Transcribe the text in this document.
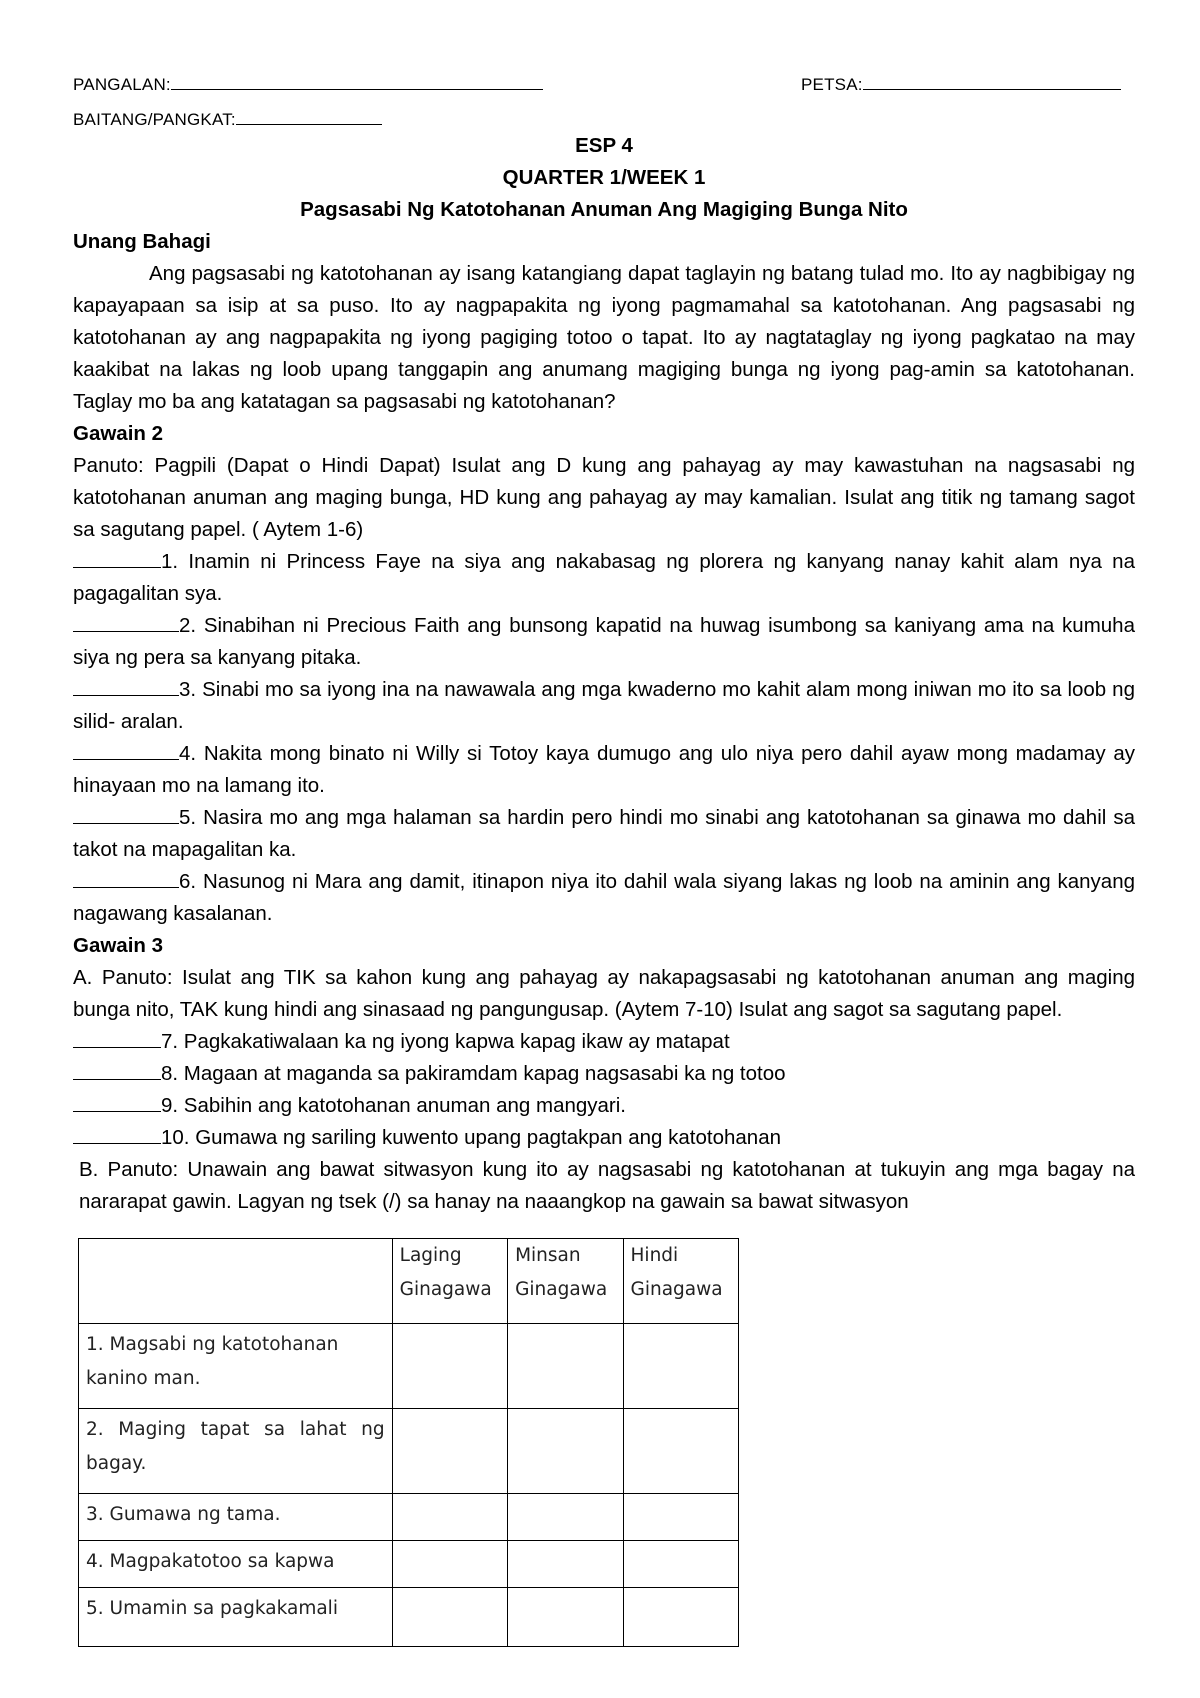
PANGALAN:	PETSA:
BAITANG/PANGKAT:
ESP 4
QUARTER 1/WEEK 1
Pagsasabi Ng Katotohanan Anuman Ang Magiging Bunga Nito
Unang Bahagi
Ang pagsasabi ng katotohanan ay isang katangiang dapat taglayin ng batang tulad mo. Ito ay nagbibigay ng kapayapaan sa isip at sa puso. Ito ay nagpapakita ng iyong pagmamahal sa katotohanan. Ang pagsasabi ng katotohanan ay ang nagpapakita ng iyong pagiging totoo o tapat. Ito ay nagtataglay ng iyong pagkatao na may kaakibat na lakas ng loob upang tanggapin ang anumang magiging bunga ng iyong pag-amin sa katotohanan. Taglay mo ba ang katatagan sa pagsasabi ng katotohanan?
Gawain 2
Panuto: Pagpili (Dapat o Hindi Dapat) Isulat ang D kung ang pahayag ay may kawastuhan na nagsasabi ng katotohanan anuman ang maging bunga, HD kung ang pahayag ay may kamalian. Isulat ang titik ng tamang sagot sa sagutang papel. ( Aytem 1-6)
1. Inamin ni Princess Faye na siya ang nakabasag ng plorera ng kanyang nanay kahit alam nya na pagagalitan sya.
2. Sinabihan ni Precious Faith ang bunsong kapatid na huwag isumbong sa kaniyang ama na kumuha siya ng pera sa kanyang pitaka.
3. Sinabi mo sa iyong ina na nawawala ang mga kwaderno mo kahit alam mong iniwan mo ito sa loob ng silid- aralan.
4. Nakita mong binato ni Willy si Totoy kaya dumugo ang ulo niya pero dahil ayaw mong madamay ay hinayaan mo na lamang ito.
5. Nasira mo ang mga halaman sa hardin pero hindi mo sinabi ang katotohanan sa ginawa mo dahil sa takot na mapagalitan ka.
6. Nasunog ni Mara ang damit, itinapon niya ito dahil wala siyang lakas ng loob na aminin ang kanyang nagawang kasalanan.
Gawain 3
A. Panuto: Isulat ang TIK sa kahon kung ang pahayag ay nakapagsasabi ng katotohanan anuman ang maging bunga nito, TAK kung hindi ang sinasaad ng pangungusap. (Aytem 7-10) Isulat ang sagot sa sagutang papel.
7. Pagkakatiwalaan ka ng iyong kapwa kapag ikaw ay matapat
8. Magaan at maganda sa pakiramdam kapag nagsasabi ka ng totoo
9. Sabihin ang katotohanan anuman ang mangyari.
10. Gumawa ng sariling kuwento upang pagtakpan ang katotohanan
B. Panuto: Unawain ang bawat sitwasyon kung ito ay nagsasabi ng katotohanan at tukuyin ang mga bagay na nararapat gawin. Lagyan ng tsek (/) sa hanay na naaangkop na gawain sa bawat sitwasyon
	Laging Ginagawa	Minsan Ginagawa	Hindi Ginagawa
1. Magsabi ng katotohanan kanino man.			

2. Maging tapat sa lahat ng
bagay.			

3. Gumawa ng tama.			
4. Magpakatotoo sa kapwa			
5. Umamin sa pagkakamali			
